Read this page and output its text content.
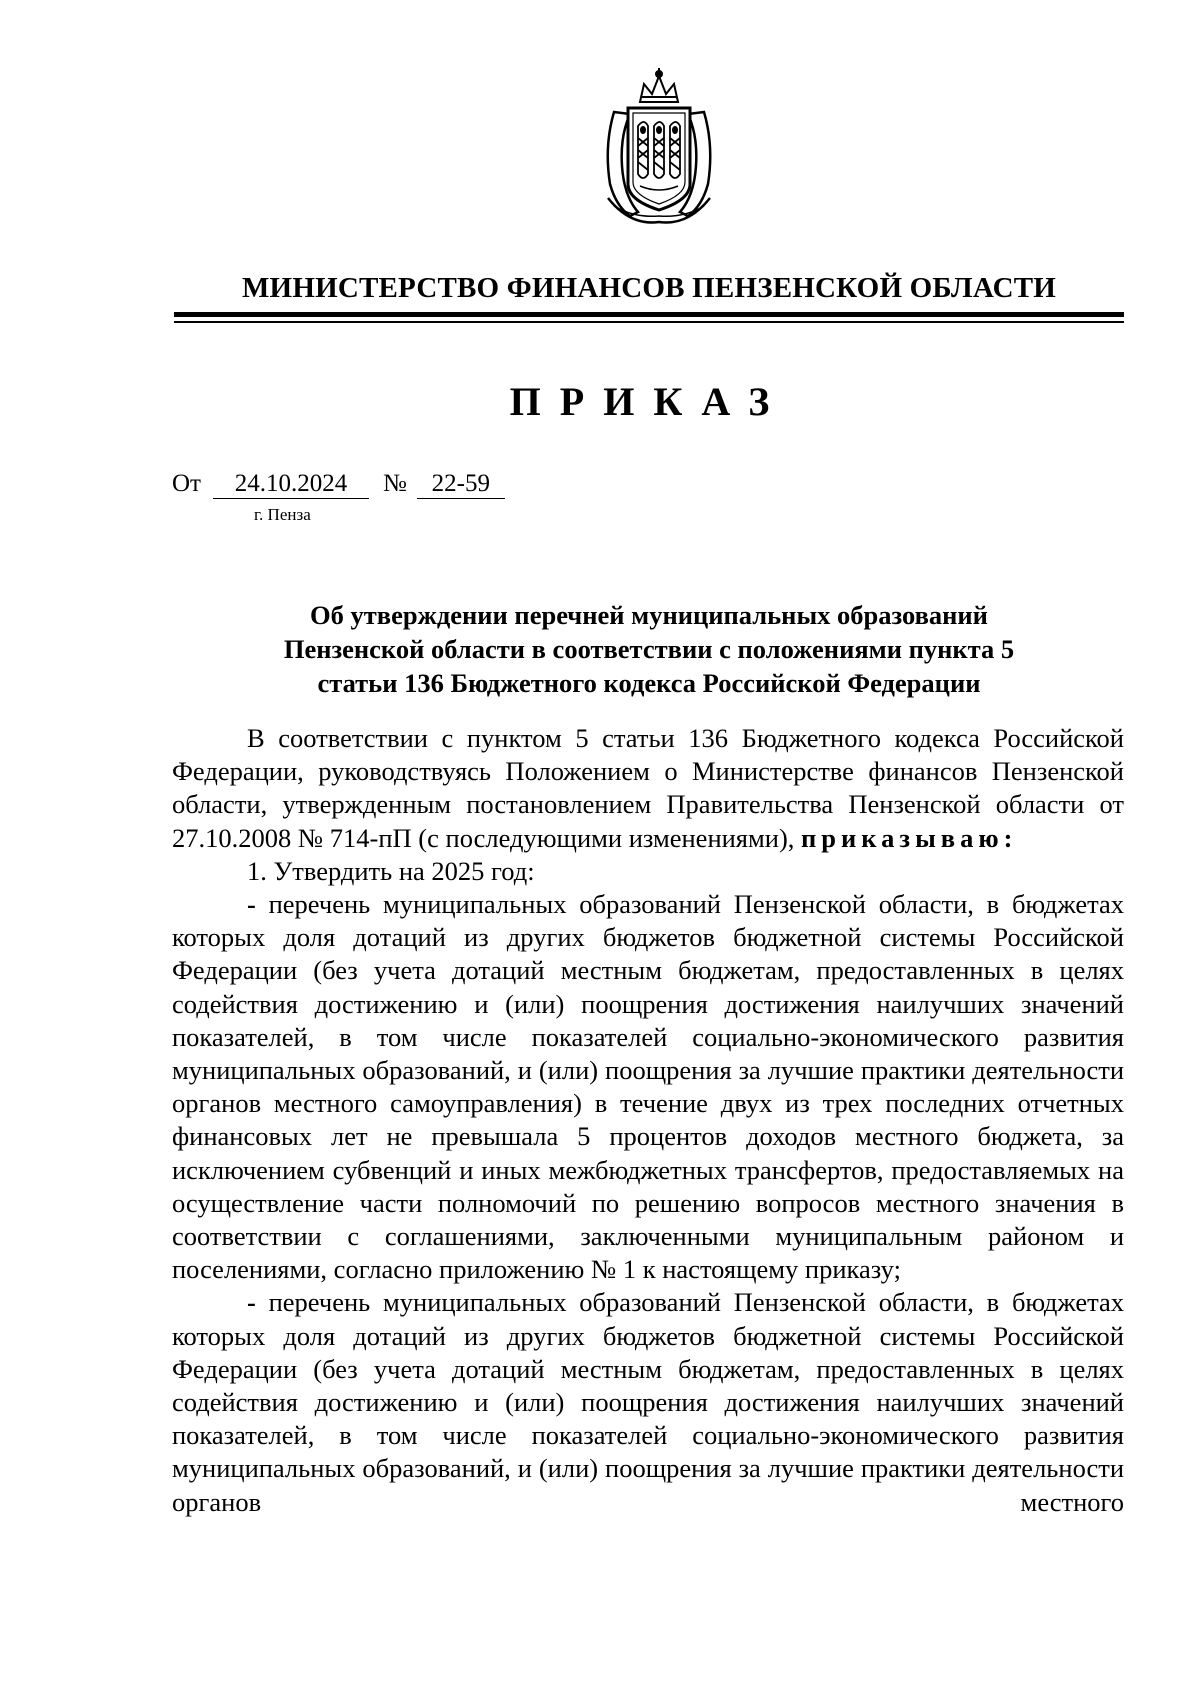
МИНИСТЕРСТВО ФИНАНСОВ ПЕНЗЕНСКОЙ ОБЛАСТИ
ПРИКАЗ
От 24.10.2024 № 22-59
г. Пенза
Об утверждении перечней муниципальных образований
Пензенской области в соответствии с положениями пункта 5
статьи 136 Бюджетного кодекса Российской Федерации

В соответствии с пунктом 5 статьи 136 Бюджетного кодекса Российской Федерации, руководствуясь Положением о Министерстве финансов Пензенской области, утвержденным постановлением Правительства Пензенской области от 27.10.2008 № 714-пП (с последующими изменениями), приказываю:

1. Утвердить на 2025 год:

- перечень муниципальных образований Пензенской области, в бюджетах которых доля дотаций из других бюджетов бюджетной системы Российской Федерации (без учета дотаций местным бюджетам, предоставленных в целях содействия достижению и (или) поощрения достижения наилучших значений показателей, в том числе показателей социально-экономического развития муниципальных образований, и (или) поощрения за лучшие практики деятельности органов местного самоуправления) в течение двух из трех последних отчетных финансовых лет не превышала 5 процентов доходов местного бюджета, за исключением субвенций и иных межбюджетных трансфертов, предоставляемых на осуществление части полномочий по решению вопросов местного значения в соответствии с соглашениями, заключенными муниципальным районом и поселениями, согласно приложению № 1 к настоящему приказу;

- перечень муниципальных образований Пензенской области, в бюджетах которых доля дотаций из других бюджетов бюджетной системы Российской Федерации (без учета дотаций местным бюджетам, предоставленных в целях содействия достижению и (или) поощрения достижения наилучших значений показателей, в том числе показателей социально-экономического развития муниципальных образований, и (или) поощрения за лучшие практики деятельности органов местного
